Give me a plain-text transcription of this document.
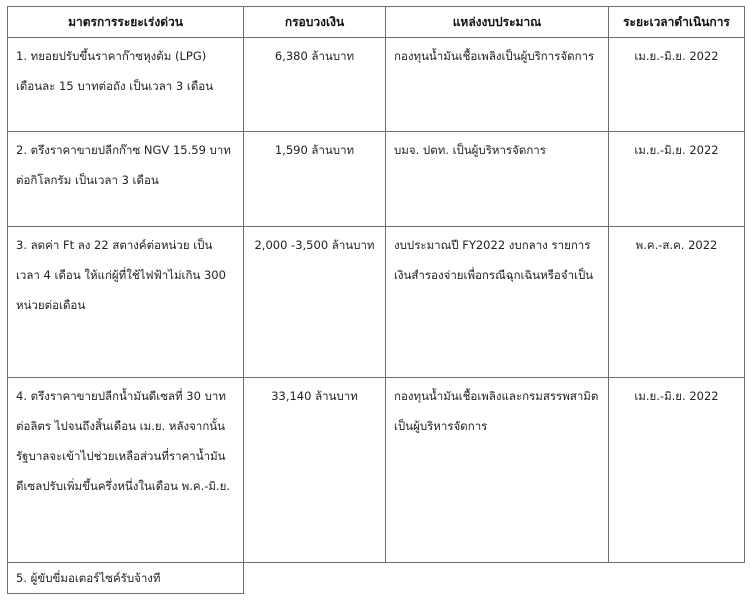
มาตรการระยะเร่งด่วน	กรอบวงเงิน	แหล่งงบประมาณ	ระยะเวลาดำเนินการ

1. ทยอยปรับขึ้นราคาก๊าซหุงต้ม (LPG) เดือนละ 15 บาทต่อถัง เป็นเวลา 3 เดือน	6,380 ล้านบาท	กองทุนน้ำมันเชื้อเพลิงเป็นผู้บริการจัดการ	เม.ย.-มิ.ย. 2022

2. ตรึงราคาขายปลีกก๊าซ NGV 15.59 บาทต่อกิโลกรัม เป็นเวลา 3 เดือน	1,590 ล้านบาท	บมจ. ปตท. เป็นผู้บริหารจัดการ	เม.ย.-มิ.ย. 2022

3. ลดค่า Ft ลง 22 สตางค์ต่อหน่วย เป็นเวลา 4 เดือน ให้แก่ผู้ที่ใช้ไฟฟ้าไม่เกิน 300 หน่วยต่อเดือน	2,000 -3,500 ล้านบาท	งบประมาณปี FY2022 งบกลาง รายการเงินสำรองจ่ายเพื่อกรณีฉุกเฉินหรือจำเป็น	พ.ค.-ส.ค. 2022

4. ตรึงราคาขายปลีกน้ำมันดีเซลที่ 30 บาทต่อลิตร ไปจนถึงสิ้นเดือน เม.ย. หลังจากนั้นรัฐบาลจะเข้าไปช่วยเหลือส่วนที่ราคาน้ำมันดีเซลปรับเพิ่มขึ้นครึ่งหนึ่งในเดือน พ.ค.-มิ.ย.	33,140 ล้านบาท	กองทุนน้ำมันเชื้อเพลิงและกรมสรรพสามิตเป็นผู้บริหารจัดการ	เม.ย.-มิ.ย. 2022

5. ผู้ขับขี่มอเตอร์ไซค์รับจ้างที			
